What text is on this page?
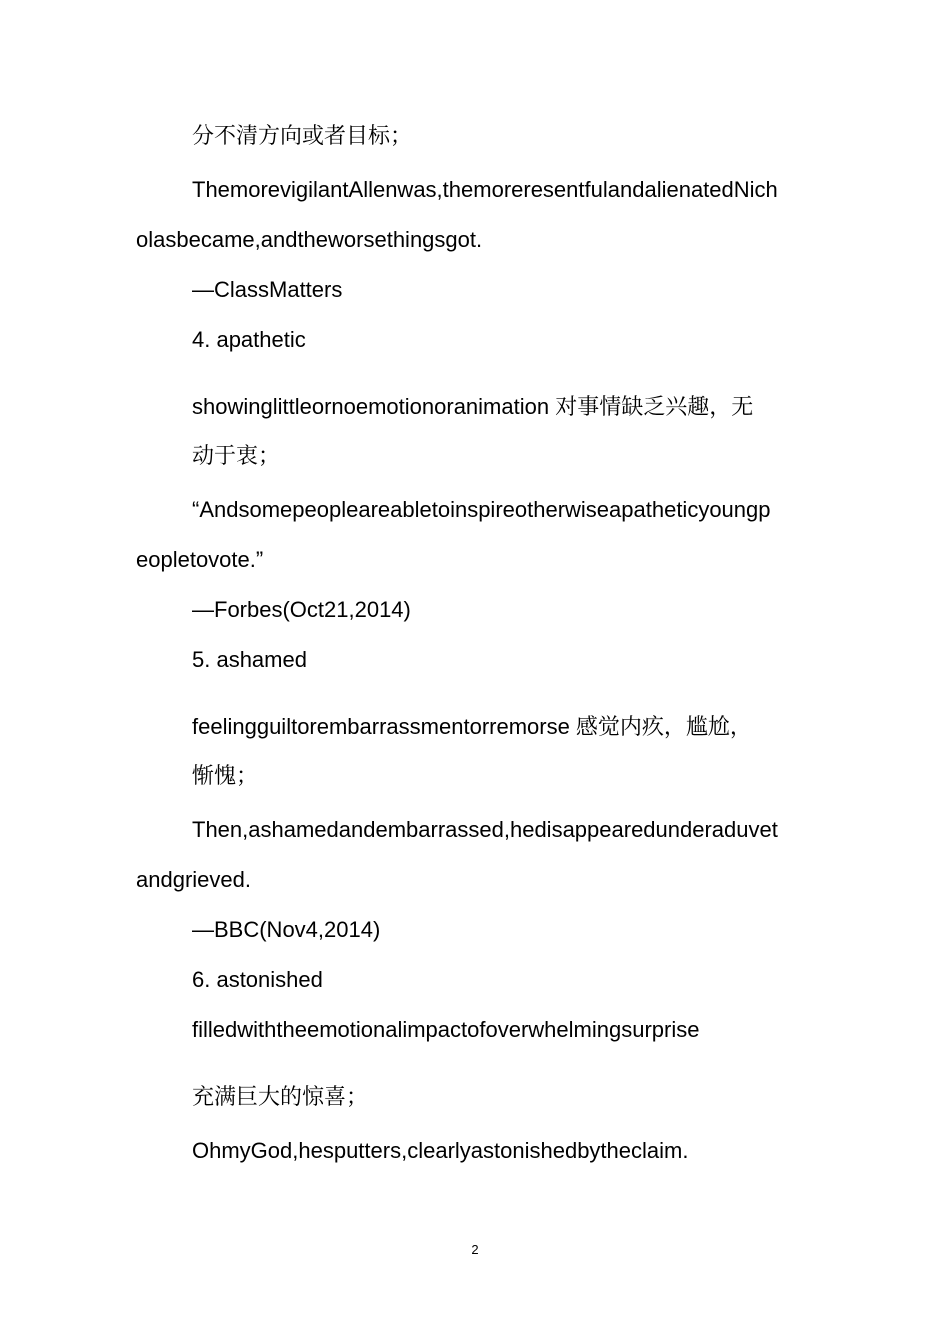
分不清方向或者目标；
ThemorevigilantAllenwas,themoreresentfulandalienatedNich
olasbecame,andtheworsethingsgot.
—ClassMatters
4. apathetic
showinglittleornoemotionoranimation 对事情缺乏兴趣，无
动于衷；
“Andsomepeopleareabletoinspireotherwiseapatheticyoungp
eopletovote.”
—Forbes(Oct21,2014)
5. ashamed
feelingguiltorembarrassmentorremorse 感觉内疚，尴尬，
惭愧；
Then,ashamedandembarrassed,hedisappearedunderaduvet
andgrieved.
—BBC(Nov4,2014)
6. astonished
filledwiththeemotionalimpactofoverwhelmingsurprise
充满巨大的惊喜；
OhmyGod,hesputters,clearlyastonishedbytheclaim.
2
